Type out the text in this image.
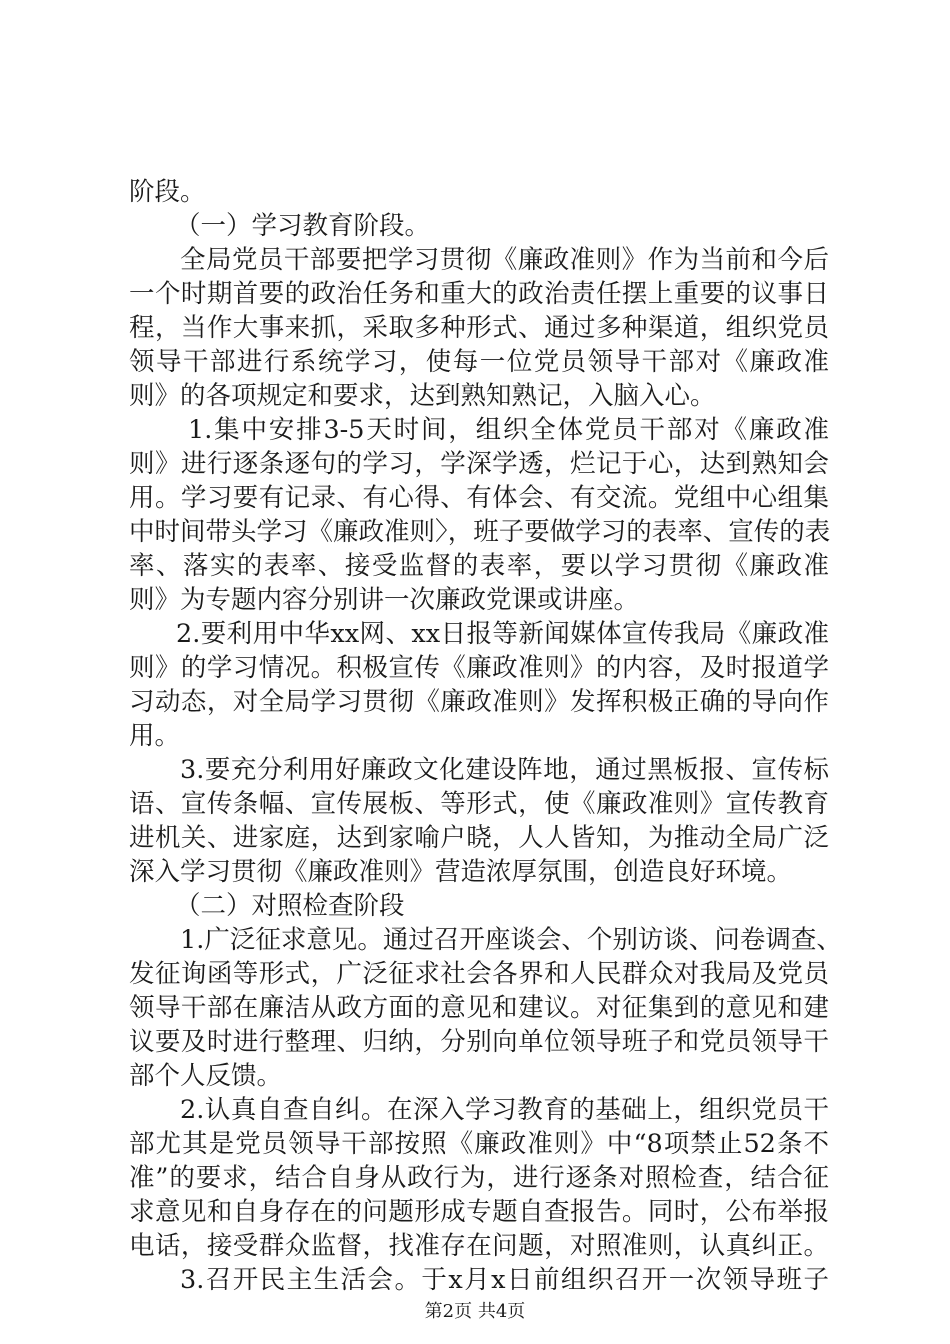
阶段。
（一）学习教育阶段。
全局党员干部要把学习贯彻《廉政准则》作为当前和今后
一个时期首要的政治任务和重大的政治责任摆上重要的议事日
程，当作大事来抓，采取多种形式、通过多种渠道，组织党员
领导干部进行系统学习，使每一位党员领导干部对《廉政准
则》的各项规定和要求，达到熟知熟记，入脑入心。
1.集中安排3-5天时间，组织全体党员干部对《廉政准
则》进行逐条逐句的学习，学深学透，烂记于心，达到熟知会
用。学习要有记录、有心得、有体会、有交流。党组中心组集
中时间带头学习《廉政准则〉，班子要做学习的表率、宣传的表
率、落实的表率、接受监督的表率，要以学习贯彻《廉政准
则》为专题内容分别讲一次廉政党课或讲座。
2.要利用中华xx网、xx日报等新闻媒体宣传我局《廉政准
则》的学习情况。积极宣传《廉政准则》的内容，及时报道学
习动态，对全局学习贯彻《廉政准则》发挥积极正确的导向作
用。
3.要充分利用好廉政文化建设阵地，通过黑板报、宣传标
语、宣传条幅、宣传展板、等形式，使《廉政准则》宣传教育
进机关、进家庭，达到家喻户晓，人人皆知，为推动全局广泛
深入学习贯彻《廉政准则》营造浓厚氛围，创造良好环境。
（二）对照检查阶段
1.广泛征求意见。通过召开座谈会、个别访谈、问卷调查、
发征询函等形式，广泛征求社会各界和人民群众对我局及党员
领导干部在廉洁从政方面的意见和建议。对征集到的意见和建
议要及时进行整理、归纳，分别向单位领导班子和党员领导干
部个人反馈。
2.认真自查自纠。在深入学习教育的基础上，组织党员干
部尤其是党员领导干部按照《廉政准则》中“8项禁止52条不
准”的要求，结合自身从政行为，进行逐条对照检查，结合征
求意见和自身存在的问题形成专题自查报告。同时，公布举报
电话，接受群众监督，找准存在问题，对照准则，认真纠正。
3.召开民主生活会。于x月x日前组织召开一次领导班子
第2页 共4页
